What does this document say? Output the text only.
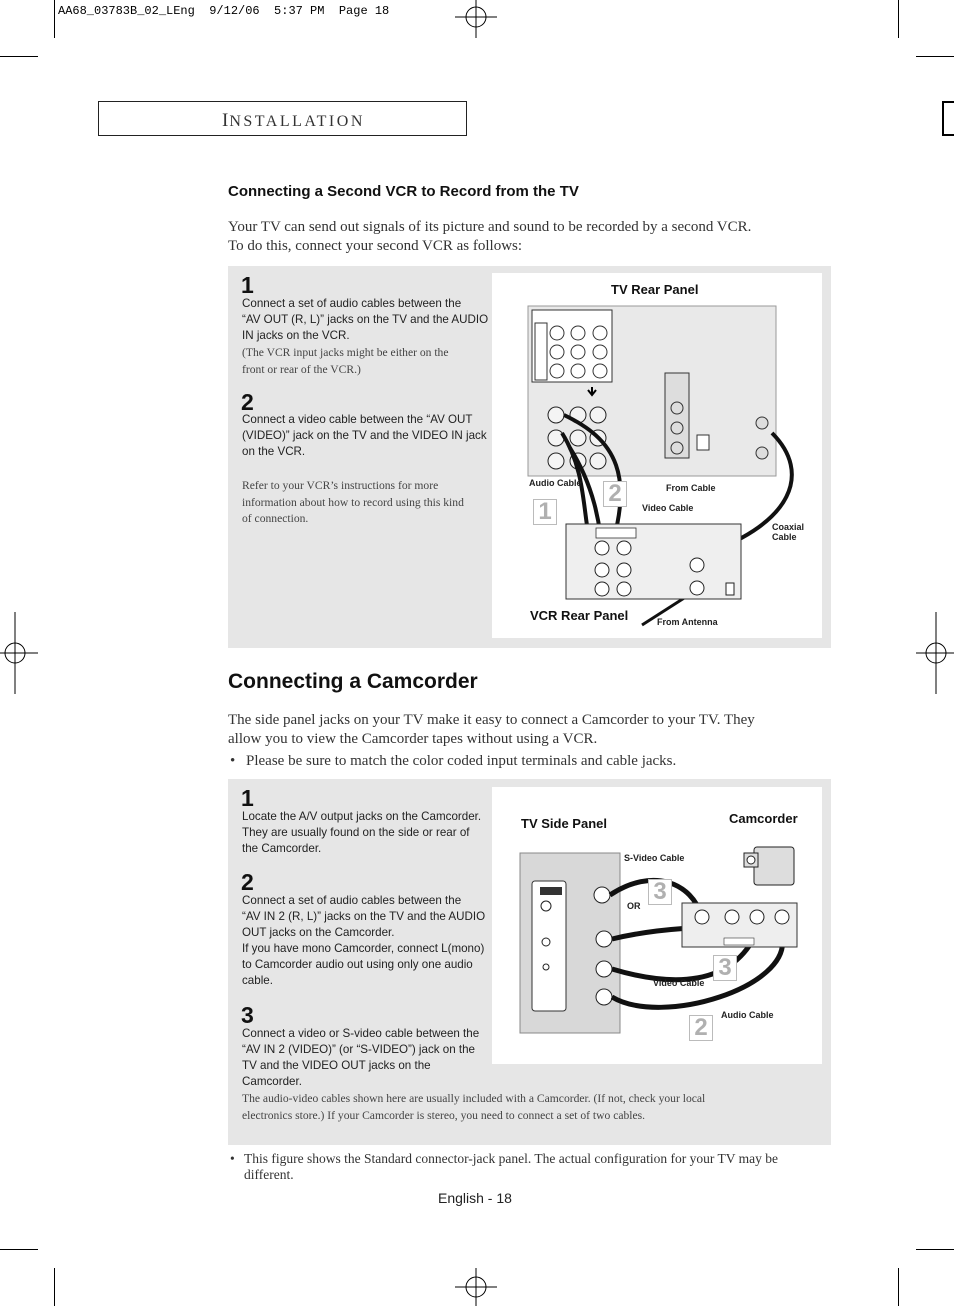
AA68_03783B_02_LEng  9/12/06  5:37 PM  Page 18
INSTALLATION
Connecting a Second VCR to Record from the TV
Your TV can send out signals of its picture and sound to be recorded by a second VCR.
To do this, connect your second VCR as follows:
1
Connect a set of audio cables between the
“AV OUT (R, L)” jacks on the TV and the AUDIO
IN jacks on the VCR.
(The VCR input jacks might be either on the
front or rear of the VCR.)
2
Connect a video cable between the “AV OUT
(VIDEO)” jack on the TV and the VIDEO IN jack
on the VCR.
Refer to your VCR’s instructions for more
information about how to record using this kind
of connection.
TV Rear Panel
VCR Rear Panel
Audio Cable	From Cable
Video Cable
Coaxial
Cable
From Antenna
2
1
Connecting a Camcorder
The side panel jacks on your TV make it easy to connect a Camcorder to your TV. They
allow you to view the Camcorder tapes without using a VCR.
• Please be sure to match the color coded input terminals and cable jacks.
1
Locate the A/V output jacks on the Camcorder.
They are usually found on the side or rear of
the Camcorder.
2
Connect a set of audio cables between the
“AV IN 2 (R, L)” jacks on the TV and the AUDIO
OUT jacks on the Camcorder.
If you have mono Camcorder, connect L(mono)
to Camcorder audio out using only one audio
cable.
3
Connect a video or S-video cable between the
“AV IN 2 (VIDEO)” (or “S-VIDEO”) jack on the
TV and the VIDEO OUT jacks on the
Camcorder.
The audio-video cables shown here are usually included with a Camcorder. (If not, check your local
electronics store.) If your Camcorder is stereo, you need to connect a set of two cables.
TV Side Panel	Camcorder
S-Video Cable
OR
Video Cable
Audio Cable
3
3
2
• This figure shows the Standard connector-jack panel. The actual configuration for your TV may be
different.
English - 18
